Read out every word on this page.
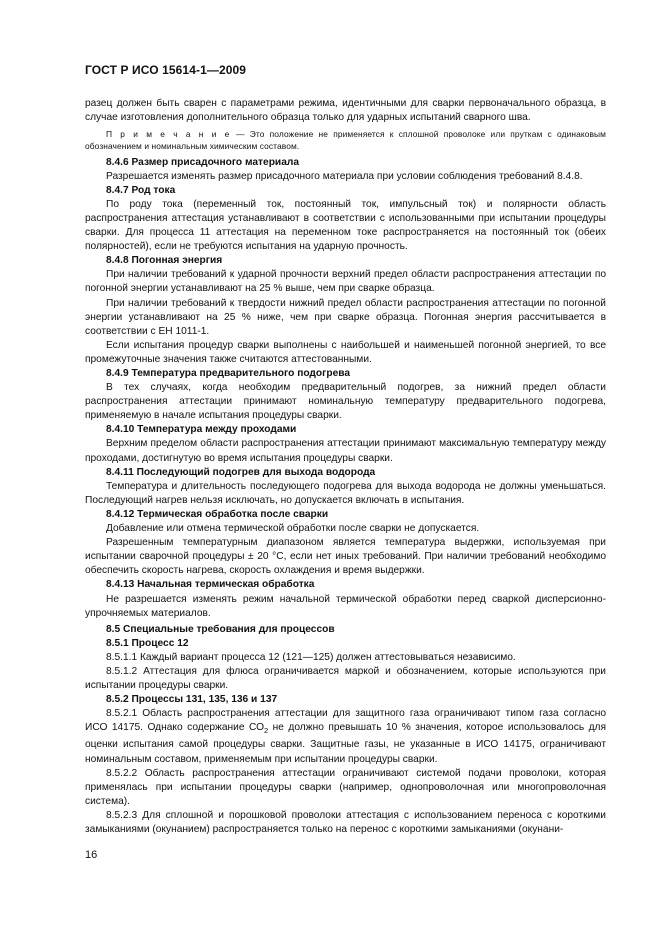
ГОСТ Р ИСО 15614-1—2009

разец должен быть сварен с параметрами режима, идентичными для сварки первоначального образца, в случае изготовления дополнительного образца только для ударных испытаний сварного шва.

П р и м е ч а н и е — Это положение не применяется к сплошной проволоке или пруткам с одинаковым обозначением и номинальным химическим составом.

8.4.6 Размер присадочного материала

Разрешается изменять размер присадочного материала при условии соблюдения требований 8.4.8.

8.4.7 Род тока

По роду тока (переменный ток, постоянный ток, импульсный ток) и полярности область распространения аттестация устанавливают в соответствии с использованными при испытании процедуры сварки. Для процесса 11 аттестация на переменном токе распространяется на постоянный ток (обеих полярностей), если не требуются испытания на ударную прочность.

8.4.8 Погонная энергия

При наличии требований к ударной прочности верхний предел области распространения аттестации по погонной энергии устанавливают на 25 % выше, чем при сварке образца.

При наличии требований к твердости нижний предел области распространения аттестации по погонной энергии устанавливают на 25 % ниже, чем при сварке образца. Погонная энергия рассчитывается в соответствии с ЕН 1011-1.

Если испытания процедур сварки выполнены с наибольшей и наименьшей погонной энергией, то все промежуточные значения также считаются аттестованными.

8.4.9 Температура предварительного подогрева

В тех случаях, когда необходим предварительный подогрев, за нижний предел области распространения аттестации принимают номинальную температуру предварительного подогрева, применяемую в начале испытания процедуры сварки.

8.4.10 Температура между проходами

Верхним пределом области распространения аттестации принимают максимальную температуру между проходами, достигнутую во время испытания процедуры сварки.

8.4.11 Последующий подогрев для выхода водорода

Температура и длительность последующего подогрева для выхода водорода не должны уменьшаться. Последующий нагрев нельзя исключать, но допускается включать в испытания.

8.4.12 Термическая обработка после сварки

Добавление или отмена термической обработки после сварки не допускается.

Разрешенным температурным диапазоном является температура выдержки, используемая при испытании сварочной процедуры ± 20 °С, если нет иных требований. При наличии требований необходимо обеспечить скорость нагрева, скорость охлаждения и время выдержки.

8.4.13 Начальная термическая обработка

Не разрешается изменять режим начальной термической обработки перед сваркой дисперсионно-упрочняемых материалов.

8.5 Специальные требования для процессов

8.5.1 Процесс 12

8.5.1.1 Каждый вариант процесса 12 (121—125) должен аттестовываться независимо.

8.5.1.2 Аттестация для флюса ограничивается маркой и обозначением, которые используются при испытании процедуры сварки.

8.5.2 Процессы 131, 135, 136 и 137

8.5.2.1 Область распространения аттестации для защитного газа ограничивают типом газа согласно ИСО 14175. Однако содержание $СО_2$ не должно превышать 10 % значения, которое использовалось для оценки испытания самой процедуры сварки. Защитные газы, не указанные в ИСО 14175, ограничивают номинальным составом, применяемым при испытании процедуры сварки.

8.5.2.2 Область распространения аттестации ограничивают системой подачи проволоки, которая применялась при испытании процедуры сварки (например, однопроволочная или многопроволочная система).

8.5.2.3 Для сплошной и порошковой проволоки аттестация с использованием переноса с короткими замыканиями (окунанием) распространяется только на перенос с короткими замыканиями (окунани-

16
